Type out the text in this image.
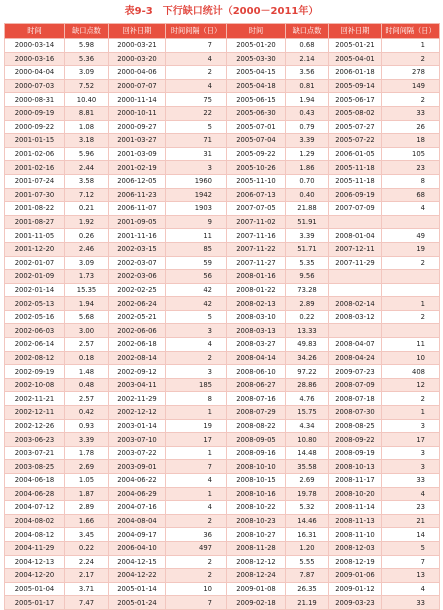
表9-3　下行缺口统计（2000－2011年）
时间	缺口点数	回补日期	时间间隔（日）	时间	缺口点数	回补日期	时间间隔（日）
2000-03-14	5.98	2000-03-21	7	2005-01-20	0.68	2005-01-21	1
2000-03-16	5.36	2000-03-20	4	2005-03-30	2.14	2005-04-01	2
2000-04-04	3.09	2000-04-06	2	2005-04-15	3.56	2006-01-18	278
2000-07-03	7.52	2000-07-07	4	2005-04-18	0.81	2005-09-14	149
2000-08-31	10.40	2000-11-14	75	2005-06-15	1.94	2005-06-17	2
2000-09-19	8.81	2000-10-11	22	2005-06-30	0.43	2005-08-02	33
2000-09-22	1.08	2000-09-27	5	2005-07-01	0.79	2005-07-27	26
2001-01-15	3.18	2001-03-27	71	2005-07-04	3.39	2005-07-22	18
2001-02-06	5.96	2001-03-09	31	2005-09-22	1.29	2006-01-05	105
2001-02-16	2.44	2001-02-19	3	2005-10-26	1.86	2005-11-18	23
2001-07-24	3.58	2006-12-05	1960	2005-11-10	0.70	2005-11-18	8
2001-07-30	7.12	2006-11-23	1942	2006-07-13	0.40	2006-09-19	68
2001-08-22	0.21	2006-11-07	1903	2007-07-05	21.88	2007-07-09	4
2001-08-27	1.92	2001-09-05	9	2007-11-02	51.91		
2001-11-05	0.26	2001-11-16	11	2007-11-16	3.39	2008-01-04	49
2001-12-20	2.46	2002-03-15	85	2007-11-22	51.71	2007-12-11	19
2002-01-07	3.09	2002-03-07	59	2007-11-27	5.35	2007-11-29	2
2002-01-09	1.73	2002-03-06	56	2008-01-16	9.56		
2002-01-14	15.35	2002-02-25	42	2008-01-22	73.28		
2002-05-13	1.94	2002-06-24	42	2008-02-13	2.89	2008-02-14	1
2002-05-16	5.68	2002-05-21	5	2008-03-10	0.22	2008-03-12	2
2002-06-03	3.00	2002-06-06	3	2008-03-13	13.33		
2002-06-14	2.57	2002-06-18	4	2008-03-27	49.83	2008-04-07	11
2002-08-12	0.18	2002-08-14	2	2008-04-14	34.26	2008-04-24	10
2002-09-19	1.48	2002-09-12	3	2008-06-10	97.22	2009-07-23	408
2002-10-08	0.48	2003-04-11	185	2008-06-27	28.86	2008-07-09	12
2002-11-21	2.57	2002-11-29	8	2008-07-16	4.76	2008-07-18	2
2002-12-11	0.42	2002-12-12	1	2008-07-29	15.75	2008-07-30	1
2002-12-26	0.93	2003-01-14	19	2008-08-22	4.34	2008-08-25	3
2003-06-23	3.39	2003-07-10	17	2008-09-05	10.80	2008-09-22	17
2003-07-21	1.78	2003-07-22	1	2008-09-16	14.48	2008-09-19	3
2003-08-25	2.69	2003-09-01	7	2008-10-10	35.58	2008-10-13	3
2004-06-18	1.05	2004-06-22	4	2008-10-15	2.69	2008-11-17	33
2004-06-28	1.87	2004-06-29	1	2008-10-16	19.78	2008-10-20	4
2004-07-12	2.89	2004-07-16	4	2008-10-22	5.32	2008-11-14	23
2004-08-02	1.66	2004-08-04	2	2008-10-23	14.46	2008-11-13	21
2004-08-12	3.45	2004-09-17	36	2008-10-27	16.31	2008-11-10	14
2004-11-29	0.22	2006-04-10	497	2008-11-28	1.20	2008-12-03	5
2004-12-13	2.24	2004-12-15	2	2008-12-12	5.55	2008-12-19	7
2004-12-20	2.17	2004-12-22	2	2008-12-24	7.87	2009-01-06	13
2005-01-04	3.71	2005-01-14	10	2009-01-08	26.35	2009-01-12	4
2005-01-17	7.47	2005-01-24	7	2009-02-18	21.19	2009-03-23	33
